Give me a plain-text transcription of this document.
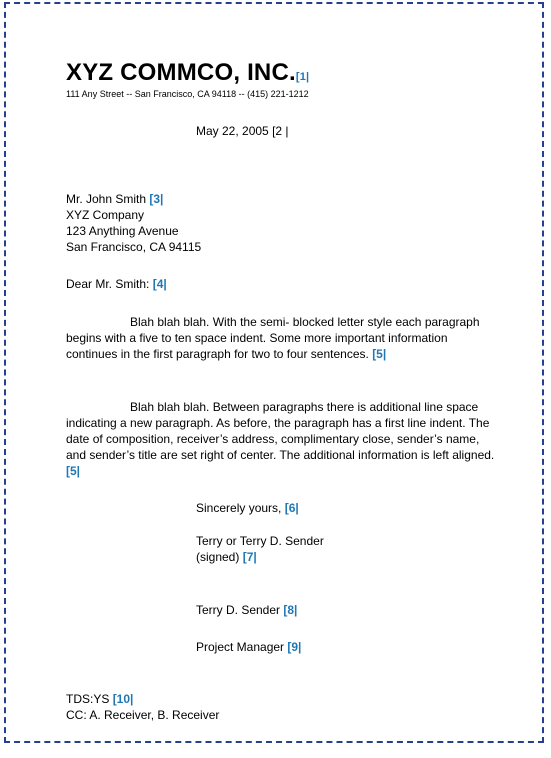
XYZ COMMCO, INC.[1|
111 Any Street -- San Francisco, CA 94118 -- (415) 221-1212
May 22, 2005 [2 |
Mr. John Smith [3|
XYZ Company
123 Anything Avenue
San Francisco, CA 94115
Dear Mr. Smith: [4|
Blah blah blah. With the semi- blocked letter style each paragraph begins with a five to ten space indent. Some more important information continues in the first paragraph for two to four sentences. [5|
Blah blah blah. Between paragraphs there is additional line space indicating a new paragraph. As before, the paragraph has a first line indent. The date of composition, receiver’s address, complimentary close, sender’s name, and sender’s title are set right of center. The additional information is left aligned. [5|
Sincerely yours, [6|
Terry or Terry D. Sender
(signed) [7|
Terry D. Sender [8|
Project Manager [9|
TDS:YS [10|
CC: A. Receiver, B. Receiver
